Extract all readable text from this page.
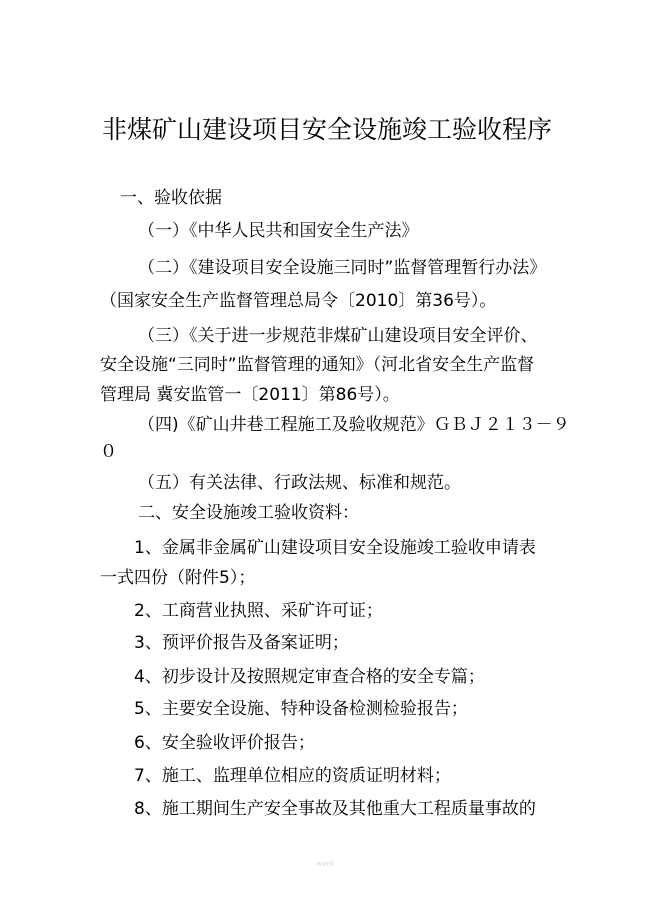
非煤矿山建设项目安全设施竣工验收程序

一、验收依据

（一）《中华人民共和国安全生产法》

（二）《建设项目安全设施三同时”监督管理暂行办法》

（国家安全生产监督管理总局令〔2010〕第36号）。

（三）《关于进一步规范非煤矿山建设项目安全评价、

安全设施“三同时”监督管理的通知》（河北省安全生产监督

管理局 冀安监管一〔2011〕第86号）。

（四)《矿山井巷工程施工及验收规范》ＧＢＪ２１３－９

０

（五）有关法律、行政法规、标准和规范。

二、安全设施竣工验收资料：

1、金属非金属矿山建设项目安全设施竣工验收申请表

一式四份（附件5）；

2、工商营业执照、采矿许可证；

3、预评价报告及备案证明；

4、初步设计及按照规定审查合格的安全专篇；

5、主要安全设施、特种设备检测检验报告；

6、安全验收评价报告；

7、施工、监理单位相应的资质证明材料；

8、施工期间生产安全事故及其他重大工程质量事故的

word
